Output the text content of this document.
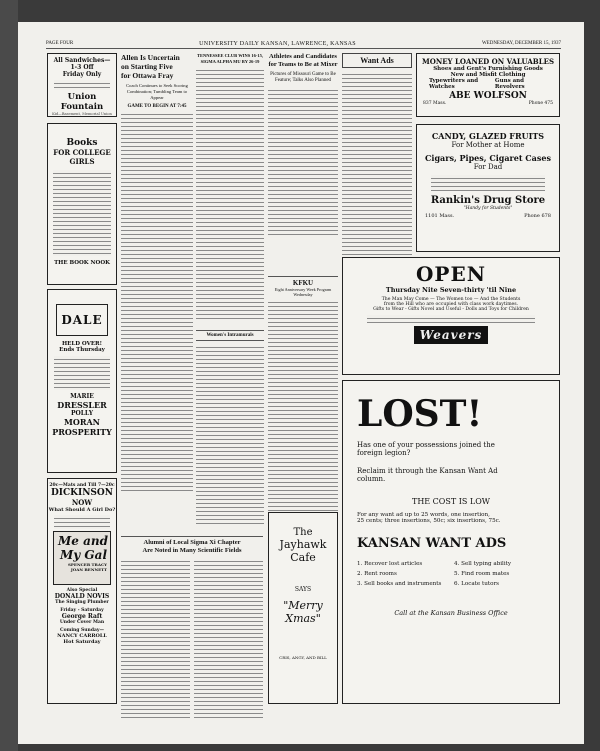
PAGE FOUR	UNIVERSITY DAILY KANSAN, LAWRENCE, KANSAS	WEDNESDAY, DECEMBER 15, 1937
All Sandwiches—
1-3 Off
Friday Only
Union Fountain
Kid—Basement, Memorial Union
Books
FOR COLLEGE
GIRLS
THE BOOK NOOK
DALE
HELD OVER!
Ends Thursday
MARIE
DRESSLER
POLLY
MORAN
PROSPERITY
20c—Mats and Till 7—20c
DICKINSON
NOW
What Should A Girl Do?
Me and
My Gal
SPENCER TRACY
JOAN BENNETT
Also Special
DONALD NOVIS
The Singing Plumber
Friday - Saturday
George Raft
Under Cover Man
Coming Sunday—
NANCY CARROLL
Hot Saturday
Allen Is Uncertain
on Starting Five
for Ottawa Fray
Coach Continues to Seek Scoring Combination; Tumbling Team to Appear
GAME TO BEGIN AT 7:45
TENNESSEE CLUB WINS 16-15, SIGMA ALPHA MU BY 26-19
Women's Intramurals
Athletes and Candidates
for Teams to Be at Mixer
Pictures of Missouri Game to Be Feature; Talks Also Planned
KFKU
Eight Anniversary Week Program Wednesday
Alumni of Local Sigma Xi Chapter
Are Noted in Many Scientific Fields
The
Jayhawk
Cafe
SAYS
"Merry
Xmas"
CRIS, ANGY, AND BILL
Want Ads	MONEY LOANED ON VALUABLES
Shoes and Gent's Furnishing Goods
New and Misfit Clothing
Typewriters and Watches
Guns and Revolvers
ABE WOLFSON
837 Mass.	Phone 475
CANDY, GLAZED FRUITS
For Mother at Home
Cigars, Pipes, Cigaret Cases
For Dad
Rankin's Drug Store
"Handy for Students"
1101 Mass.	Phone 678
OPEN
Thursday Nite Seven-thirty 'til Nine
The Man May Come — The Women too — And the Students
from the Hill who are occupied with class work daytimes.
Gifts to Wear - Gifts Novel and Useful - Dolls and Toys for Children
Weavers
LOST!
Has one of your possessions joined the
foreign legion?
Reclaim it through the Kansan Want Ad
column.
THE COST IS LOW
For any want ad up to 25 words, one insertion,
25 cents; three insertions, 50c; six insertions, 75c.
KANSAN WANT ADS
1. Recover lost articles	4. Sell typing ability
2. Rent rooms	5. Find room mates
3. Sell books and instruments	6. Locate tutors
Call at the Kansan Business Office
